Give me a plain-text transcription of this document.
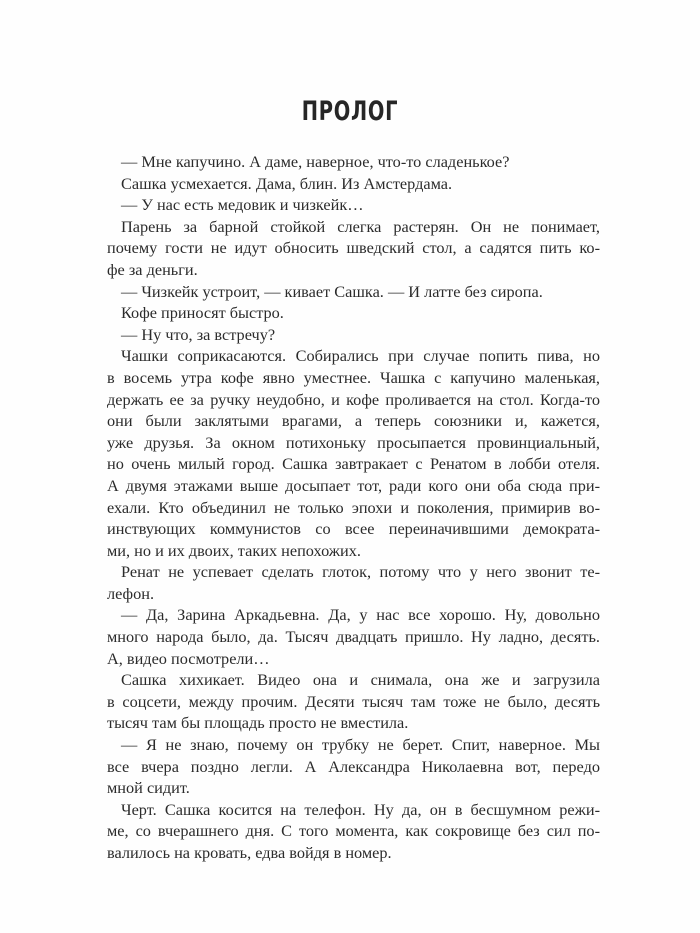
ПРОЛОГ

— Мне капучино. А даме, наверное, что-то сладенькое?

Сашка усмехается. Дама, блин. Из Амстердама.

— У нас есть медовик и чизкейк…

Парень за барной стойкой слегка растерян. Он не понимает,
почему гости не идут обносить шведский стол, а садятся пить ко-
фе за деньги.

— Чизкейк устроит, — кивает Сашка. — И латте без сиропа.

Кофе приносят быстро.

— Ну что, за встречу?

Чашки соприкасаются. Собирались при случае попить пива, но
в восемь утра кофе явно уместнее. Чашка с капучино маленькая,
держать ее за ручку неудобно, и кофе проливается на стол. Когда-то
они были заклятыми врагами, а теперь союзники и, кажется,
уже друзья. За окном потихоньку просыпается провинциальный,
но очень милый город. Сашка завтракает с Ренатом в лобби отеля.
А двумя этажами выше досыпает тот, ради кого они оба сюда при-
ехали. Кто объединил не только эпохи и поколения, примирив во-
инствующих коммунистов со всее переиначившими демократа-
ми, но и их двоих, таких непохожих.

Ренат не успевает сделать глоток, потому что у него звонит те-
лефон.

— Да, Зарина Аркадьевна. Да, у нас все хорошо. Ну, довольно
много народа было, да. Тысяч двадцать пришло. Ну ладно, десять.
А, видео посмотрели…

Сашка хихикает. Видео она и снимала, она же и загрузила
в соцсети, между прочим. Десяти тысяч там тоже не было, десять
тысяч там бы площадь просто не вместила.

— Я не знаю, почему он трубку не берет. Спит, наверное. Мы
все вчера поздно легли. А Александра Николаевна вот, передо
мной сидит.

Черт. Сашка косится на телефон. Ну да, он в бесшумном режи-
ме, со вчерашнего дня. С того момента, как сокровище без сил по-
валилось на кровать, едва войдя в номер.
